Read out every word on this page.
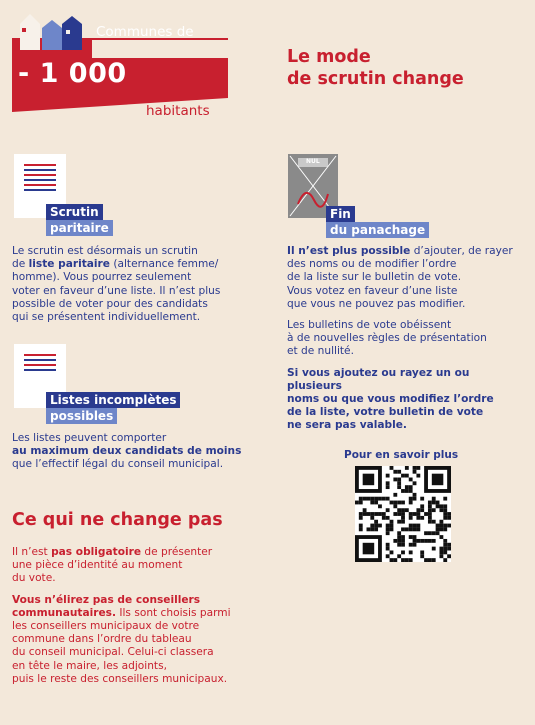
Communes de
- 1 000
habitants
Le mode
de scrutin change
Scrutin
paritaire

Le scrutin est désormais un scrutin

de liste paritaire (alternance femme/

homme). Vous pourrez seulement

voter en faveur d’une liste. Il n’est plus

possible de voter pour des candidats

qui se présentent individuellement.

Listes incomplètes
possibles

Les listes peuvent comporter

au maximum deux candidats de moins

que l’effectif légal du conseil municipal.

NUL
Fin
du panachage

Il n’est plus possible d’ajouter, de rayer

des noms ou de modifier l’ordre

de la liste sur le bulletin de vote.

Vous votez en faveur d’une liste

que vous ne pouvez pas modifier.

Les bulletins de vote obéissent

à de nouvelles règles de présentation

et de nullité.

Si vous ajoutez ou rayez un ou plusieurs

noms ou que vous modifiez l’ordre

de la liste, votre bulletin de vote

ne sera pas valable.

Ce qui ne change pas

Il n’est pas obligatoire de présenter

une pièce d’identité au moment

du vote.

Vous n’élirez pas de conseillers

communautaires. Ils sont choisis parmi

les conseillers municipaux de votre

commune dans l’ordre du tableau

du conseil municipal. Celui-ci classera

en tête le maire, les adjoints,

puis le reste des conseillers municipaux.

Pour en savoir plus
